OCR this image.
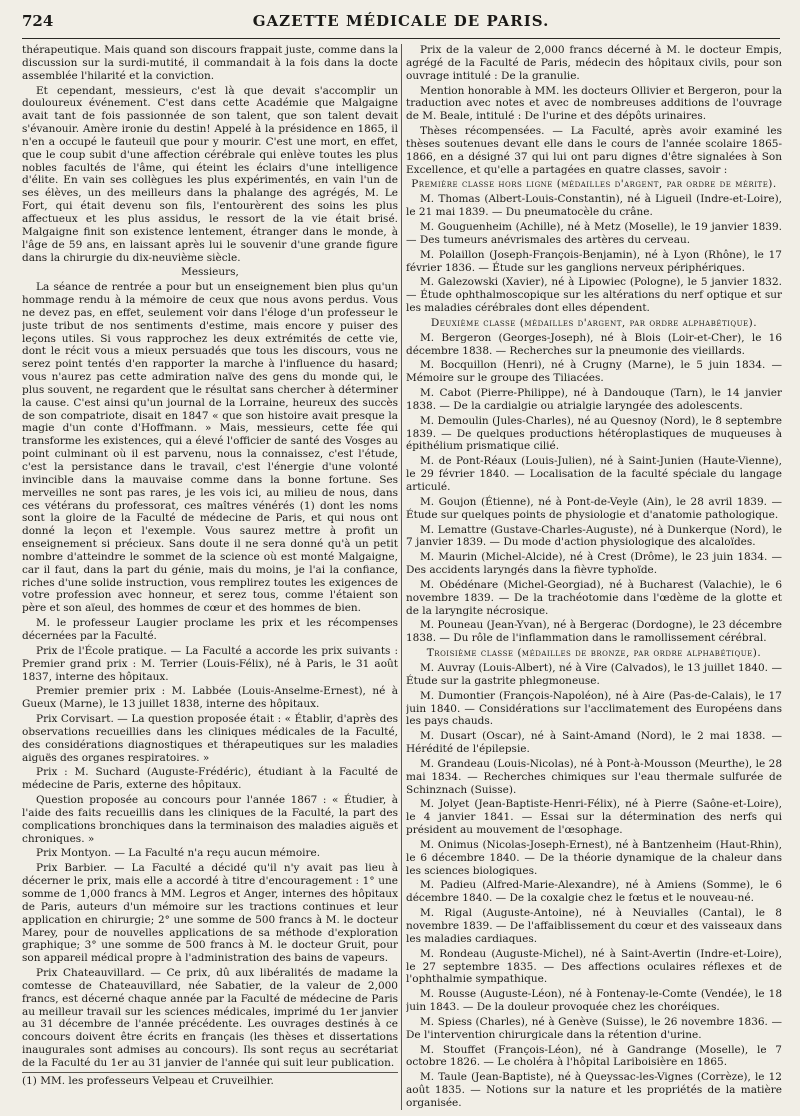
724	GAZETTE MÉDICALE DE PARIS.

thérapeutique. Mais quand son discours frappait juste, comme dans la discussion sur la surdi-mutité, il commandait à la fois dans la docte assemblée l'hilarité et la conviction.

Et cependant, messieurs, c'est là que devait s'accomplir un douloureux événement. C'est dans cette Académie que Malgaigne avait tant de fois passionnée de son talent, que son talent devait s'évanouir. Amère ironie du destin! Appelé à la présidence en 1865, il n'en a occupé le fauteuil que pour y mourir. C'est une mort, en effet, que le coup subit d'une affection cérébrale qui enlève toutes les plus nobles facultés de l'âme, qui éteint les éclairs d'une intelligence d'élite. En vain ses collègues les plus expérimentés, en vain l'un de ses élèves, un des meilleurs dans la phalange des agrégés, M. Le Fort, qui était devenu son fils, l'entourèrent des soins les plus affectueux et les plus assidus, le ressort de la vie était brisé. Malgaigne finit son existence lentement, étranger dans le monde, à l'âge de 59 ans, en laissant après lui le souvenir d'une grande figure dans la chirurgie du dix-neuvième siècle.

Messieurs,

La séance de rentrée a pour but un enseignement bien plus qu'un hommage rendu à la mémoire de ceux que nous avons perdus. Vous ne devez pas, en effet, seulement voir dans l'éloge d'un professeur le juste tribut de nos sentiments d'estime, mais encore y puiser des leçons utiles. Si vous rapprochez les deux extrémités de cette vie, dont le récit vous a mieux persuadés que tous les discours, vous ne serez point tentés d'en rapporter la marche à l'influence du hasard; vous n'aurez pas cette admiration naïve des gens du monde qui, le plus souvent, ne regardent que le résultat sans chercher à déterminer la cause. C'est ainsi qu'un journal de la Lorraine, heureux des succès de son compatriote, disait en 1847 « que son histoire avait presque la magie d'un conte d'Hoffmann. » Mais, messieurs, cette fée qui transforme les existences, qui a élevé l'officier de santé des Vosges au point culminant où il est parvenu, nous la connaissez, c'est l'étude, c'est la persistance dans le travail, c'est l'énergie d'une volonté invincible dans la mauvaise comme dans la bonne fortune. Ses merveilles ne sont pas rares, je les vois ici, au milieu de nous, dans ces vétérans du professorat, ces maîtres vénérés (1) dont les noms sont la gloire de la Faculté de médecine de Paris, et qui nous ont donné la leçon et l'exemple. Vous saurez mettre à profit un enseignement si précieux. Sans doute il ne sera donné qu'à un petit nombre d'atteindre le sommet de la science où est monté Malgaigne, car il faut, dans la part du génie, mais du moins, je l'ai la confiance, riches d'une solide instruction, vous remplirez toutes les exigences de votre profession avec honneur, et serez tous, comme l'étaient son père et son aïeul, des hommes de cœur et des hommes de bien.

M. le professeur Laugier proclame les prix et les récompenses décernées par la Faculté.

Prix de l'École pratique. — La Faculté a accorde les prix suivants : Premier grand prix : M. Terrier (Louis-Félix), né à Paris, le 31 août 1837, interne des hôpitaux.

Premier premier prix : M. Labbée (Louis-Anselme-Ernest), né à Gueux (Marne), le 13 juillet 1838, interne des hôpitaux.

Prix Corvisart. — La question proposée était : « Établir, d'après des observations recueillies dans les cliniques médicales de la Faculté, des considérations diagnostiques et thérapeutiques sur les maladies aiguës des organes respiratoires. »

Prix : M. Suchard (Auguste-Frédéric), étudiant à la Faculté de médecine de Paris, externe des hôpitaux.

Question proposée au concours pour l'année 1867 : « Étudier, à l'aide des faits recueillis dans les cliniques de la Faculté, la part des complications bronchiques dans la terminaison des maladies aiguës et chroniques. »

Prix Montyon. — La Faculté n'a reçu aucun mémoire.

Prix Barbier. — La Faculté a décidé qu'il n'y avait pas lieu à décerner le prix, mais elle a accordé à titre d'encouragement : 1° une somme de 1,000 francs à MM. Legros et Anger, internes des hôpitaux de Paris, auteurs d'un mémoire sur les tractions continues et leur application en chirurgie; 2° une somme de 500 francs à M. le docteur Marey, pour de nouvelles applications de sa méthode d'exploration graphique; 3° une somme de 500 francs à M. le docteur Gruit, pour son appareil médical propre à l'administration des bains de vapeurs.

Prix Chateauvillard. — Ce prix, dû aux libéralités de madame la comtesse de Chateauvillard, née Sabatier, de la valeur de 2,000 francs, est décerné chaque année par la Faculté de médecine de Paris au meilleur travail sur les sciences médicales, imprimé du 1er janvier au 31 décembre de l'année précédente. Les ouvrages destinés à ce concours doivent être écrits en français (les thèses et dissertations inaugurales sont admises au concours). Ils sont reçus au secrétariat de la Faculté du 1er au 31 janvier de l'année qui suit leur publication.

(1) MM. les professeurs Velpeau et Cruveilhier.

Prix de la valeur de 2,000 francs décerné à M. le docteur Empis, agrégé de la Faculté de Paris, médecin des hôpitaux civils, pour son ouvrage intitulé : De la granulie.

Mention honorable à MM. les docteurs Ollivier et Bergeron, pour la traduction avec notes et avec de nombreuses additions de l'ouvrage de M. Beale, intitulé : De l'urine et des dépôts urinaires.

Thèses récompensées. — La Faculté, après avoir examiné les thèses soutenues devant elle dans le cours de l'année scolaire 1865-1866, en a désigné 37 qui lui ont paru dignes d'être signalées à Son Excellence, et qu'elle a partagées en quatre classes, savoir :

Première classe hors ligne (médailles d'argent, par ordre de mérite).

M. Thomas (Albert-Louis-Constantin), né à Ligueil (Indre-et-Loire), le 21 mai 1839. — Du pneumatocèle du crâne.

M. Gouguenheim (Achille), né à Metz (Moselle), le 19 janvier 1839. — Des tumeurs anévrismales des artères du cerveau.

M. Polaillon (Joseph-François-Benjamin), né à Lyon (Rhône), le 17 février 1836. — Étude sur les ganglions nerveux périphériques.

M. Galezowski (Xavier), né à Lipowiec (Pologne), le 5 janvier 1832. — Étude ophthalmoscopique sur les altérations du nerf optique et sur les maladies cérébrales dont elles dépendent.

Deuxième classe (médailles d'argent, par ordre alphabétique).

M. Bergeron (Georges-Joseph), né à Blois (Loir-et-Cher), le 16 décembre 1838. — Recherches sur la pneumonie des vieillards.

M. Bocquillon (Henri), né à Crugny (Marne), le 5 juin 1834. — Mémoire sur le groupe des Tiliacées.

M. Cabot (Pierre-Philippe), né à Dandouque (Tarn), le 14 janvier 1838. — De la cardialgie ou atrialgie laryngée des adolescents.

M. Demoulin (Jules-Charles), né au Quesnoy (Nord), le 8 septembre 1839. — De quelques productions hétéroplastiques de muqueuses à épithélium prismatique cilié.

M. de Pont-Réaux (Louis-Julien), né à Saint-Junien (Haute-Vienne), le 29 février 1840. — Localisation de la faculté spéciale du langage articulé.

M. Goujon (Étienne), né à Pont-de-Veyle (Ain), le 28 avril 1839. — Étude sur quelques points de physiologie et d'anatomie pathologique.

M. Lemattre (Gustave-Charles-Auguste), né à Dunkerque (Nord), le 7 janvier 1839. — Du mode d'action physiologique des alcaloïdes.

M. Maurin (Michel-Alcide), né à Crest (Drôme), le 23 juin 1834. — Des accidents laryngés dans la fièvre typhoïde.

M. Obédénare (Michel-Georgiad), né à Bucharest (Valachie), le 6 novembre 1839. — De la trachéotomie dans l'œdème de la glotte et de la laryngite nécrosique.

M. Pouneau (Jean-Yvan), né à Bergerac (Dordogne), le 23 décembre 1838. — Du rôle de l'inflammation dans le ramollissement cérébral.

Troisième classe (médailles de bronze, par ordre alphabétique).

M. Auvray (Louis-Albert), né à Vire (Calvados), le 13 juillet 1840. — Étude sur la gastrite phlegmoneuse.

M. Dumontier (François-Napoléon), né à Aire (Pas-de-Calais), le 17 juin 1840. — Considérations sur l'acclimatement des Européens dans les pays chauds.

M. Dusart (Oscar), né à Saint-Amand (Nord), le 2 mai 1838. — Hérédité de l'épilepsie.

M. Grandeau (Louis-Nicolas), né à Pont-à-Mousson (Meurthe), le 28 mai 1834. — Recherches chimiques sur l'eau thermale sulfurée de Schinznach (Suisse).

M. Jolyet (Jean-Baptiste-Henri-Félix), né à Pierre (Saône-et-Loire), le 4 janvier 1841. — Essai sur la détermination des nerfs qui président au mouvement de l'œsophage.

M. Onimus (Nicolas-Joseph-Ernest), né à Bantzenheim (Haut-Rhin), le 6 décembre 1840. — De la théorie dynamique de la chaleur dans les sciences biologiques.

M. Padieu (Alfred-Marie-Alexandre), né à Amiens (Somme), le 6 décembre 1840. — De la coxalgie chez le fœtus et le nouveau-né.

M. Rigal (Auguste-Antoine), né à Neuvialles (Cantal), le 8 novembre 1839. — De l'affaiblissement du cœur et des vaisseaux dans les maladies cardiaques.

M. Rondeau (Auguste-Michel), né à Saint-Avertin (Indre-et-Loire), le 27 septembre 1835. — Des affections oculaires réflexes et de l'ophthalmie sympathique.

M. Rousse (Auguste-Léon), né à Fontenay-le-Comte (Vendée), le 18 juin 1843. — De la douleur provoquée chez les choréiques.

M. Spiess (Charles), né à Genève (Suisse), le 26 novembre 1836. — De l'intervention chirurgicale dans la rétention d'urine.

M. Stouffet (François-Léon), né à Gandrange (Moselle), le 7 octobre 1826. — Le choléra à l'hôpital Lariboisière en 1865.

M. Taule (Jean-Baptiste), né à Queyssac-les-Vignes (Corrèze), le 12 août 1835. — Notions sur la nature et les propriétés de la matière organisée.
